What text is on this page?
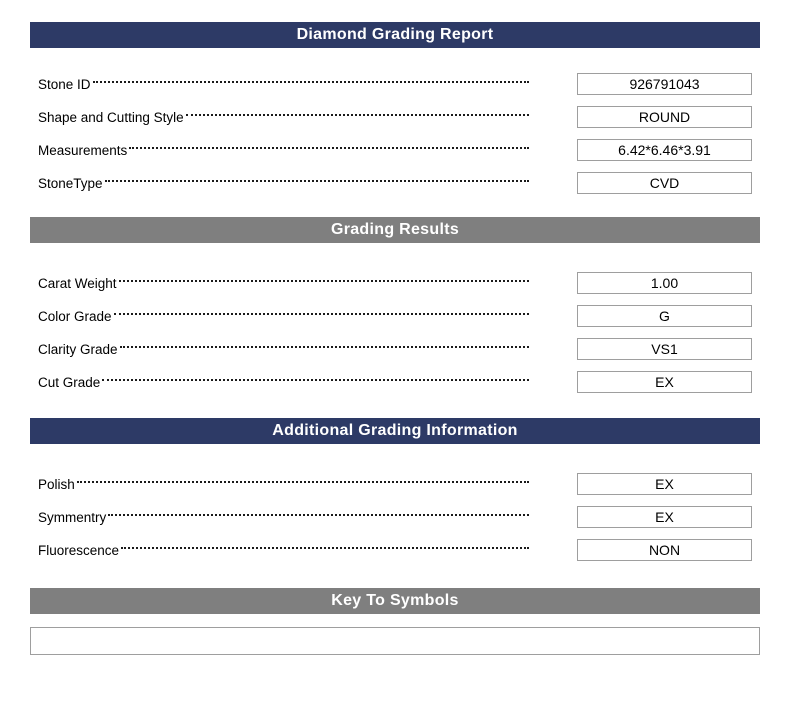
Diamond Grading Report
Stone ID	926791043
Shape and Cutting Style	ROUND
Measurements	6.42*6.46*3.91
StoneType	CVD
Grading Results
Carat Weight	1.00
Color Grade	G
Clarity Grade	VS1
Cut Grade	EX
Additional Grading Information
Polish	EX
Symmentry	EX
Fluorescence	NON
Key To Symbols
